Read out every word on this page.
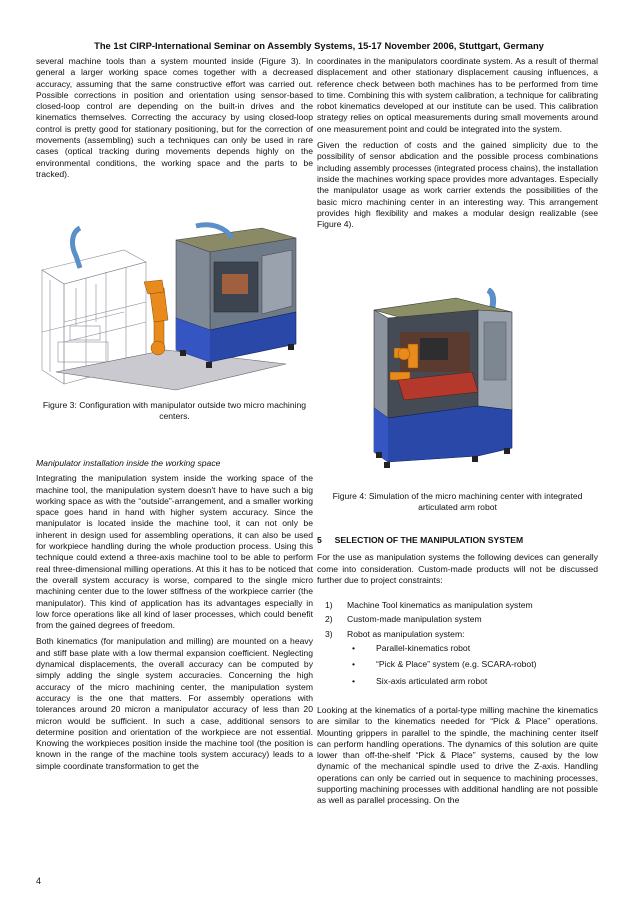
The 1st CIRP-International Seminar on Assembly Systems, 15-17 November 2006, Stuttgart, Germany

several machine tools than a system mounted inside (Figure 3). In general a larger working space comes together with a decreased accuracy, assuming that the same constructive effort was carried out. Possible corrections in position and orientation using sensor-based closed-loop control are depending on the built-in drives and the kinematics themselves. Correcting the accuracy by using closed-loop control is pretty good for stationary positioning, but for the correction of movements (assembling) such a techniques can only be used in rare cases (optical tracking during movements depends highly on the environmental conditions, the working space and the parts to be tracked).

Figure 3: Configuration with manipulator outside two micro machining centers.
Manipulator installation inside the working space

Integrating the manipulation system inside the working space of the machine tool, the manipulation system doesn't have to have such a big working space as with the “outside”-arrangement, and a smaller working space goes hand in hand with higher system accuracy. Since the manipulator is located inside the machine tool, it can not only be inherent in design used for assembling operations, it can also be used for workpiece handling during the whole production process. Using this technique could extend a three-axis machine tool to be able to perform real three-dimensional milling operations. At this it has to be noticed that the overall system accuracy is worse, compared to the single micro machining center due to the lower stiffness of the workpiece carrier (the manipulator). This kind of application has its advantages especially in low force operations like all kind of laser processes, which could benefit from the gained degrees of freedom.

Both kinematics (for manipulation and milling) are mounted on a heavy and stiff base plate with a low thermal expansion coefficient. Neglecting dynamical displacements, the overall accuracy can be computed by simply adding the single system accuracies. Concerning the high accuracy of the micro machining center, the manipulation system accuracy is the one that matters. For assembly operations with tolerances around 20 micron a manipulator accuracy of less than 20 micron would be sufficient. In such a case, additional sensors to determine position and orientation of the workpiece are not essential. Knowing the workpieces position inside the machine tool (the position is known in the range of the machine tools system accuracy) leads to a simple coordinate transformation to get the

coordinates in the manipulators coordinate system. As a result of thermal displacement and other stationary displacement causing influences, a reference check between both machines has to be performed from time to time. Combining this with system calibration, a technique for calibrating robot kinematics developed at our institute can be used. This calibration strategy relies on optical measurements during small movements around one measurement point and could be integrated into the system.

Given the reduction of costs and the gained simplicity due to the possibility of sensor abdication and the possible process combinations including assembly processes (integrated process chains), the installation inside the machines working space provides more advantages. Especially the manipulator usage as work carrier extends the possibilities of the basic micro machining center in an interesting way. This arrangement provides high flexibility and makes a modular design realizable (see Figure 4).

Figure 4: Simulation of the micro machining center with integrated articulated arm robot
5  SELECTION OF THE MANIPULATION SYSTEM

For the use as manipulation systems the following devices can generally come into consideration. Custom-made products will not be discussed further due to project constraints:

1) Machine Tool kinematics as manipulation system
2) Custom-made manipulation system
3) Robot as manipulation system:
• Parallel-kinematics robot
• “Pick & Place” system (e.g. SCARA-robot)
• Six-axis articulated arm robot

Looking at the kinematics of a portal-type milling machine the kinematics are similar to the kinematics needed for “Pick & Place” operations. Mounting grippers in parallel to the spindle, the machining center itself can perform handling operations. The dynamics of this solution are quite lower than off-the-shelf “Pick & Place” systems, caused by the low dynamic of the mechanical spindle used to drive the Z-axis. Handling operations can only be carried out in sequence to machining processes, supporting machining processes with additional handling are not possible as well as parallel processing. On the

4
